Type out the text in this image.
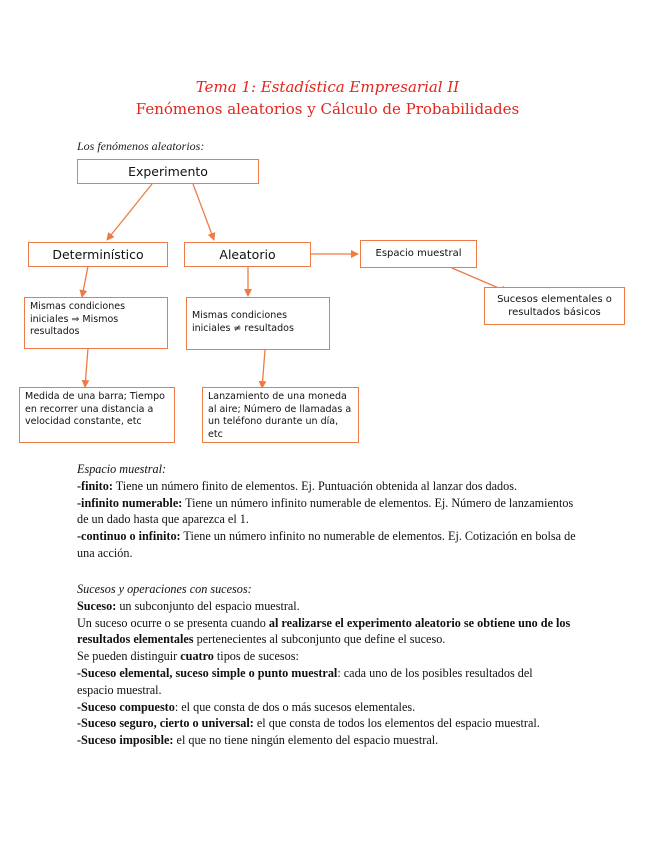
Tema 1: Estadística Empresarial II
Fenómenos aleatorios y Cálculo de Probabilidades
Los fenómenos aleatorios:
Experimento
Determinístico	Aleatorio	Espacio muestral
Sucesos elementales o resultados básicos
Mismas condiciones iniciales ⇒ Mismos resultados
Mismas condiciones iniciales ≠ resultados
Medida de una barra; Tiempo en recorrer una distancia a velocidad constante, etc
Lanzamiento de una moneda al aire; Número de llamadas a un teléfono durante un día, etc

Espacio muestral:

-finito: Tiene un número finito de elementos. Ej. Puntuación obtenida al lanzar dos dados.

-infinito numerable: Tiene un número infinito numerable de elementos. Ej. Número de lanzamientos de un dado hasta que aparezca el 1.

-continuo o infinito: Tiene un número infinito no numerable de elementos. Ej. Cotización en bolsa de una acción.

Sucesos y operaciones con sucesos:

Suceso: un subconjunto del espacio muestral.

Un suceso ocurre o se presenta cuando al realizarse el experimento aleatorio se obtiene uno de los resultados elementales pertenecientes al subconjunto que define el suceso.

Se pueden distinguir cuatro tipos de sucesos:

-Suceso elemental, suceso simple o punto muestral: cada uno de los posibles resultados del espacio muestral.

-Suceso compuesto: el que consta de dos o más sucesos elementales.

-Suceso seguro, cierto o universal: el que consta de todos los elementos del espacio muestral.

-Suceso imposible: el que no tiene ningún elemento del espacio muestral.
